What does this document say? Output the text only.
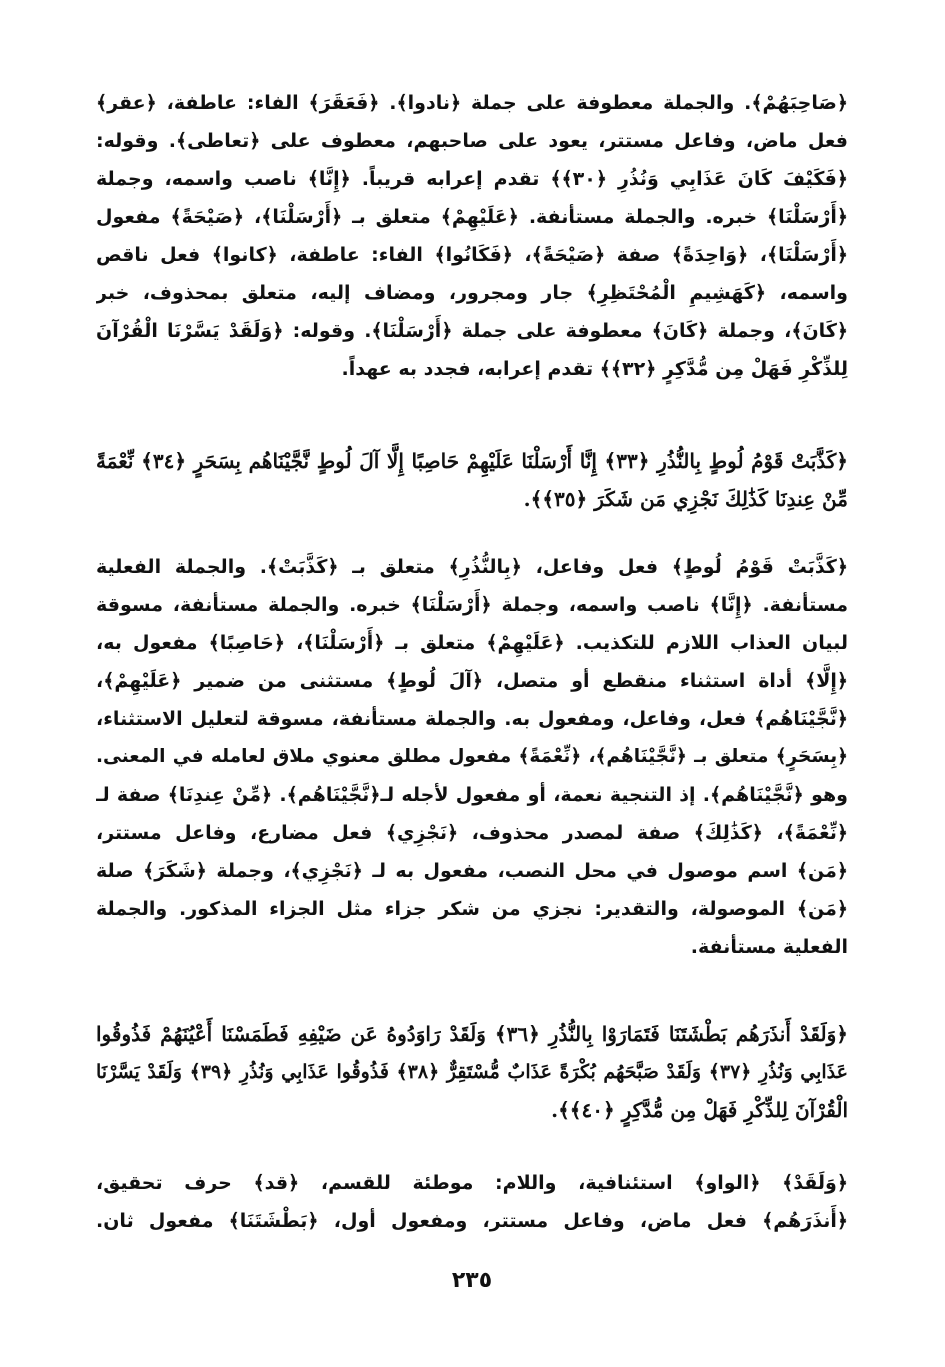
﴿صَاحِبَهُمْ﴾. والجملة معطوفة على جملة ﴿نادوا﴾. ﴿فَعَقَرَ﴾ الفاء: عاطفة، ﴿عقر﴾
فعل ماض، وفاعل مستتر، يعود على صاحبهم، معطوف على ﴿تعاطى﴾. وقوله:
﴿فَكَيْفَ كَانَ عَذَابِي وَنُذُرِ ﴿٣٠﴾﴾ تقدم إعرابه قريباً. ﴿إِنَّا﴾ ناصب واسمه، وجملة
﴿أَرْسَلْنَا﴾ خبره. والجملة مستأنفة. ﴿عَلَيْهِمْ﴾ متعلق بـ ﴿أَرْسَلْنَا﴾، ﴿صَيْحَةً﴾ مفعول
﴿أَرْسَلْنَا﴾، ﴿وَاحِدَةً﴾ صفة ﴿صَيْحَةً﴾، ﴿فَكَانُوا﴾ الفاء: عاطفة، ﴿كانوا﴾ فعل ناقص
واسمه، ﴿كَهَشِيمِ الْمُحْتَظِرِ﴾ جار ومجرور، ومضاف إليه، متعلق بمحذوف، خبر
﴿كَانَ﴾، وجملة ﴿كَانَ﴾ معطوفة على جملة ﴿أَرْسَلْنَا﴾. وقوله: ﴿وَلَقَدْ يَسَّرْنَا الْقُرْآنَ
لِلذِّكْرِ فَهَلْ مِن مُّدَّكِرٍ ﴿٣٢﴾﴾ تقدم إعرابه، فجدد به عهداً.
﴿كَذَّبَتْ قَوْمُ لُوطٍ بِالنُّذُرِ ﴿٣٣﴾ إِنَّا أَرْسَلْنَا عَلَيْهِمْ حَاصِبًا إِلَّا آلَ لُوطٍ نَّجَّيْنَاهُم بِسَحَرٍ ﴿٣٤﴾ نِّعْمَةً
مِّنْ عِندِنَا كَذَٰلِكَ نَجْزِي مَن شَكَرَ ﴿٣٥﴾﴾.
﴿كَذَّبَتْ قَوْمُ لُوطٍ﴾ فعل وفاعل، ﴿بِالنُّذُرِ﴾ متعلق بـ ﴿كَذَّبَتْ﴾. والجملة الفعلية
مستأنفة. ﴿إِنَّا﴾ ناصب واسمه، وجملة ﴿أَرْسَلْنَا﴾ خبره. والجملة مستأنفة، مسوقة
لبيان العذاب اللازم للتكذيب. ﴿عَلَيْهِمْ﴾ متعلق بـ ﴿أَرْسَلْنَا﴾، ﴿حَاصِبًا﴾ مفعول به،
﴿إِلَّا﴾ أداة استثناء منقطع أو متصل، ﴿آلَ لُوطٍ﴾ مستثنى من ضمير ﴿عَلَيْهِمْ﴾،
﴿نَّجَّيْنَاهُم﴾ فعل، وفاعل، ومفعول به. والجملة مستأنفة، مسوقة لتعليل الاستثناء،
﴿بِسَحَرٍ﴾ متعلق بـ ﴿نَّجَّيْنَاهُم﴾، ﴿نِّعْمَةً﴾ مفعول مطلق معنوي ملاق لعامله في المعنى.
وهو ﴿نَّجَّيْنَاهُم﴾. إذ التنجية نعمة، أو مفعول لأجله لـ﴿نَّجَّيْنَاهُم﴾. ﴿مِّنْ عِندِنَا﴾ صفة لـ
﴿نِّعْمَةً﴾، ﴿كَذَٰلِكَ﴾ صفة لمصدر محذوف، ﴿نَجْزِي﴾ فعل مضارع، وفاعل مستتر،
﴿مَن﴾ اسم موصول في محل النصب، مفعول به لـ ﴿نَجْزِي﴾، وجملة ﴿شَكَرَ﴾ صلة
﴿مَن﴾ الموصولة، والتقدير: نجزي من شكر جزاء مثل الجزاء المذكور. والجملة
الفعلية مستأنفة.
﴿وَلَقَدْ أَنذَرَهُم بَطْشَتَنَا فَتَمَارَوْا بِالنُّذُرِ ﴿٣٦﴾ وَلَقَدْ رَاوَدُوهُ عَن ضَيْفِهِ فَطَمَسْنَا أَعْيُنَهُمْ فَذُوقُوا
عَذَابِي وَنُذُرِ ﴿٣٧﴾ وَلَقَدْ صَبَّحَهُم بُكْرَةً عَذَابٌ مُّسْتَقِرٌّ ﴿٣٨﴾ فَذُوقُوا عَذَابِي وَنُذُرِ ﴿٣٩﴾ وَلَقَدْ يَسَّرْنَا
الْقُرْآنَ لِلذِّكْرِ فَهَلْ مِن مُّدَّكِرٍ ﴿٤٠﴾﴾.
﴿وَلَقَدْ﴾ ﴿الواو﴾ استئنافية، واللام: موطئة للقسم، ﴿قد﴾ حرف تحقيق،
﴿أَنذَرَهُم﴾ فعل ماض، وفاعل مستتر، ومفعول أول، ﴿بَطْشَتَنَا﴾ مفعول ثان.
٢٣٥
